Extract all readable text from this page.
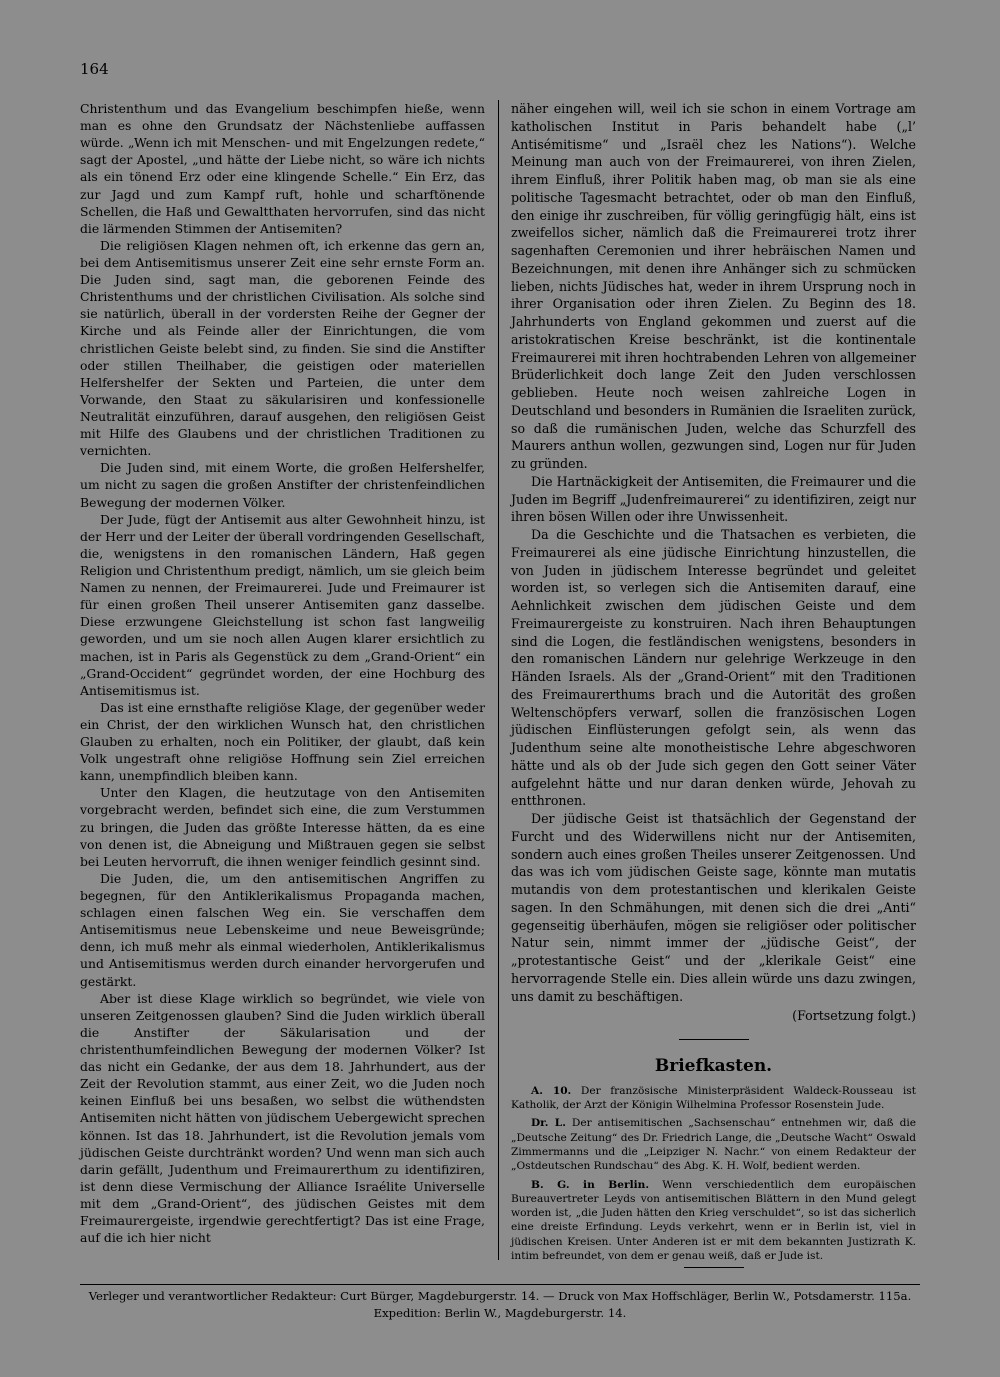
164

Christenthum und das Evangelium beschimpfen hieße, wenn man es ohne den Grundsatz der Nächstenliebe auffassen würde. „Wenn ich mit Menschen- und mit Engelzungen redete,“ sagt der Apostel, „und hätte der Liebe nicht, so wäre ich nichts als ein tönend Erz oder eine klingende Schelle.“ Ein Erz, das zur Jagd und zum Kampf ruft, hohle und scharftönende Schellen, die Haß und Gewaltthaten hervorrufen, sind das nicht die lärmenden Stimmen der Antisemiten?

Die religiösen Klagen nehmen oft, ich erkenne das gern an, bei dem Antisemitismus unserer Zeit eine sehr ernste Form an. Die Juden sind, sagt man, die geborenen Feinde des Christenthums und der christlichen Civilisation. Als solche sind sie natürlich, überall in der vordersten Reihe der Gegner der Kirche und als Feinde aller der Einrichtungen, die vom christlichen Geiste belebt sind, zu finden. Sie sind die Anstifter oder stillen Theilhaber, die geistigen oder materiellen Helfershelfer der Sekten und Parteien, die unter dem Vorwande, den Staat zu säkularisiren und konfessionelle Neutralität einzuführen, darauf ausgehen, den religiösen Geist mit Hilfe des Glaubens und der christlichen Traditionen zu vernichten.

Die Juden sind, mit einem Worte, die großen Helfershelfer, um nicht zu sagen die großen Anstifter der christenfeindlichen Bewegung der modernen Völker.

Der Jude, fügt der Antisemit aus alter Gewohnheit hinzu, ist der Herr und der Leiter der überall vordringenden Gesellschaft, die, wenigstens in den romanischen Ländern, Haß gegen Religion und Christenthum predigt, nämlich, um sie gleich beim Namen zu nennen, der Freimaurerei. Jude und Freimaurer ist für einen großen Theil unserer Antisemiten ganz dasselbe. Diese erzwungene Gleichstellung ist schon fast langweilig geworden, und um sie noch allen Augen klarer ersichtlich zu machen, ist in Paris als Gegenstück zu dem „Grand-Orient“ ein „Grand-Occident“ gegründet worden, der eine Hochburg des Antisemitismus ist.

Das ist eine ernsthafte religiöse Klage, der gegenüber weder ein Christ, der den wirklichen Wunsch hat, den christlichen Glauben zu erhalten, noch ein Politiker, der glaubt, daß kein Volk ungestraft ohne religiöse Hoffnung sein Ziel erreichen kann, unempfindlich bleiben kann.

Unter den Klagen, die heutzutage von den Antisemiten vorgebracht werden, befindet sich eine, die zum Verstummen zu bringen, die Juden das größte Interesse hätten, da es eine von denen ist, die Abneigung und Mißtrauen gegen sie selbst bei Leuten hervorruft, die ihnen weniger feindlich gesinnt sind.

Die Juden, die, um den antisemitischen Angriffen zu begegnen, für den Antiklerikalismus Propaganda machen, schlagen einen falschen Weg ein. Sie verschaffen dem Antisemitismus neue Lebenskeime und neue Beweisgründe; denn, ich muß mehr als einmal wiederholen, Antiklerikalismus und Antisemitismus werden durch einander hervorgerufen und gestärkt.

Aber ist diese Klage wirklich so begründet, wie viele von unseren Zeitgenossen glauben? Sind die Juden wirklich überall die Anstifter der Säkularisation und der christenthumfeindlichen Bewegung der modernen Völker? Ist das nicht ein Gedanke, der aus dem 18. Jahrhundert, aus der Zeit der Revolution stammt, aus einer Zeit, wo die Juden noch keinen Einfluß bei uns besaßen, wo selbst die wüthendsten Antisemiten nicht hätten von jüdischem Uebergewicht sprechen können. Ist das 18. Jahrhundert, ist die Revolution jemals vom jüdischen Geiste durchtränkt worden? Und wenn man sich auch darin gefällt, Judenthum und Freimaurerthum zu identifiziren, ist denn diese Vermischung der Alliance Israélite Universelle mit dem „Grand-Orient“, des jüdischen Geistes mit dem Freimaurergeiste, irgendwie gerechtfertigt? Das ist eine Frage, auf die ich hier nicht

näher eingehen will, weil ich sie schon in einem Vortrage am katholischen Institut in Paris behandelt habe („l’ Antisémitisme“ und „Israël chez les Nations“). Welche Meinung man auch von der Freimaurerei, von ihren Zielen, ihrem Einfluß, ihrer Politik haben mag, ob man sie als eine politische Tagesmacht betrachtet, oder ob man den Einfluß, den einige ihr zuschreiben, für völlig geringfügig hält, eins ist zweifellos sicher, nämlich daß die Freimaurerei trotz ihrer sagenhaften Ceremonien und ihrer hebräischen Namen und Bezeichnungen, mit denen ihre Anhänger sich zu schmücken lieben, nichts Jüdisches hat, weder in ihrem Ursprung noch in ihrer Organisation oder ihren Zielen. Zu Beginn des 18. Jahrhunderts von England gekommen und zuerst auf die aristokratischen Kreise beschränkt, ist die kontinentale Freimaurerei mit ihren hochtrabenden Lehren von allgemeiner Brüderlichkeit doch lange Zeit den Juden verschlossen geblieben. Heute noch weisen zahlreiche Logen in Deutschland und besonders in Rumänien die Israeliten zurück, so daß die rumänischen Juden, welche das Schurzfell des Maurers anthun wollen, gezwungen sind, Logen nur für Juden zu gründen.

Die Hartnäckigkeit der Antisemiten, die Freimaurer und die Juden im Begriff „Judenfreimaurerei“ zu identifiziren, zeigt nur ihren bösen Willen oder ihre Unwissenheit.

Da die Geschichte und die Thatsachen es verbieten, die Freimaurerei als eine jüdische Einrichtung hinzustellen, die von Juden in jüdischem Interesse begründet und geleitet worden ist, so verlegen sich die Antisemiten darauf, eine Aehnlichkeit zwischen dem jüdischen Geiste und dem Freimaurergeiste zu konstruiren. Nach ihren Behauptungen sind die Logen, die festländischen wenigstens, besonders in den romanischen Ländern nur gelehrige Werkzeuge in den Händen Israels. Als der „Grand-Orient“ mit den Traditionen des Freimaurerthums brach und die Autorität des großen Weltenschöpfers verwarf, sollen die französischen Logen jüdischen Einflüsterungen gefolgt sein, als wenn das Judenthum seine alte monotheistische Lehre abgeschworen hätte und als ob der Jude sich gegen den Gott seiner Väter aufgelehnt hätte und nur daran denken würde, Jehovah zu entthronen.

Der jüdische Geist ist thatsächlich der Gegenstand der Furcht und des Widerwillens nicht nur der Antisemiten, sondern auch eines großen Theiles unserer Zeitgenossen. Und das was ich vom jüdischen Geiste sage, könnte man mutatis mutandis von dem protestantischen und klerikalen Geiste sagen. In den Schmähungen, mit denen sich die drei „Anti“ gegenseitig überhäufen, mögen sie religiöser oder politischer Natur sein, nimmt immer der „jüdische Geist“, der „protestantische Geist“ und der „klerikale Geist“ eine hervorragende Stelle ein. Dies allein würde uns dazu zwingen, uns damit zu beschäftigen.

(Fortsetzung folgt.)

Briefkasten.

A. 10. Der französische Ministerpräsident Waldeck-Rousseau ist Katholik, der Arzt der Königin Wilhelmina Professor Rosenstein Jude.

Dr. L. Der antisemitischen „Sachsenschau“ entnehmen wir, daß die „Deutsche Zeitung“ des Dr. Friedrich Lange, die „Deutsche Wacht“ Oswald Zimmermanns und die „Leipziger N. Nachr.“ von einem Redakteur der „Ostdeutschen Rundschau“ des Abg. K. H. Wolf, bedient werden.

B. G. in Berlin. Wenn verschiedentlich dem europäischen Bureauvertreter Leyds von antisemitischen Blättern in den Mund gelegt worden ist, „die Juden hätten den Krieg verschuldet“, so ist das sicherlich eine dreiste Erfindung. Leyds verkehrt, wenn er in Berlin ist, viel in jüdischen Kreisen. Unter Anderen ist er mit dem bekannten Justizrath K. intim befreundet, von dem er genau weiß, daß er Jude ist.

Verleger und verantwortlicher Redakteur: Curt Bürger, Magdeburgerstr. 14. — Druck von Max Hoffschläger, Berlin W., Potsdamerstr. 115a.
Expedition: Berlin W., Magdeburgerstr. 14.
